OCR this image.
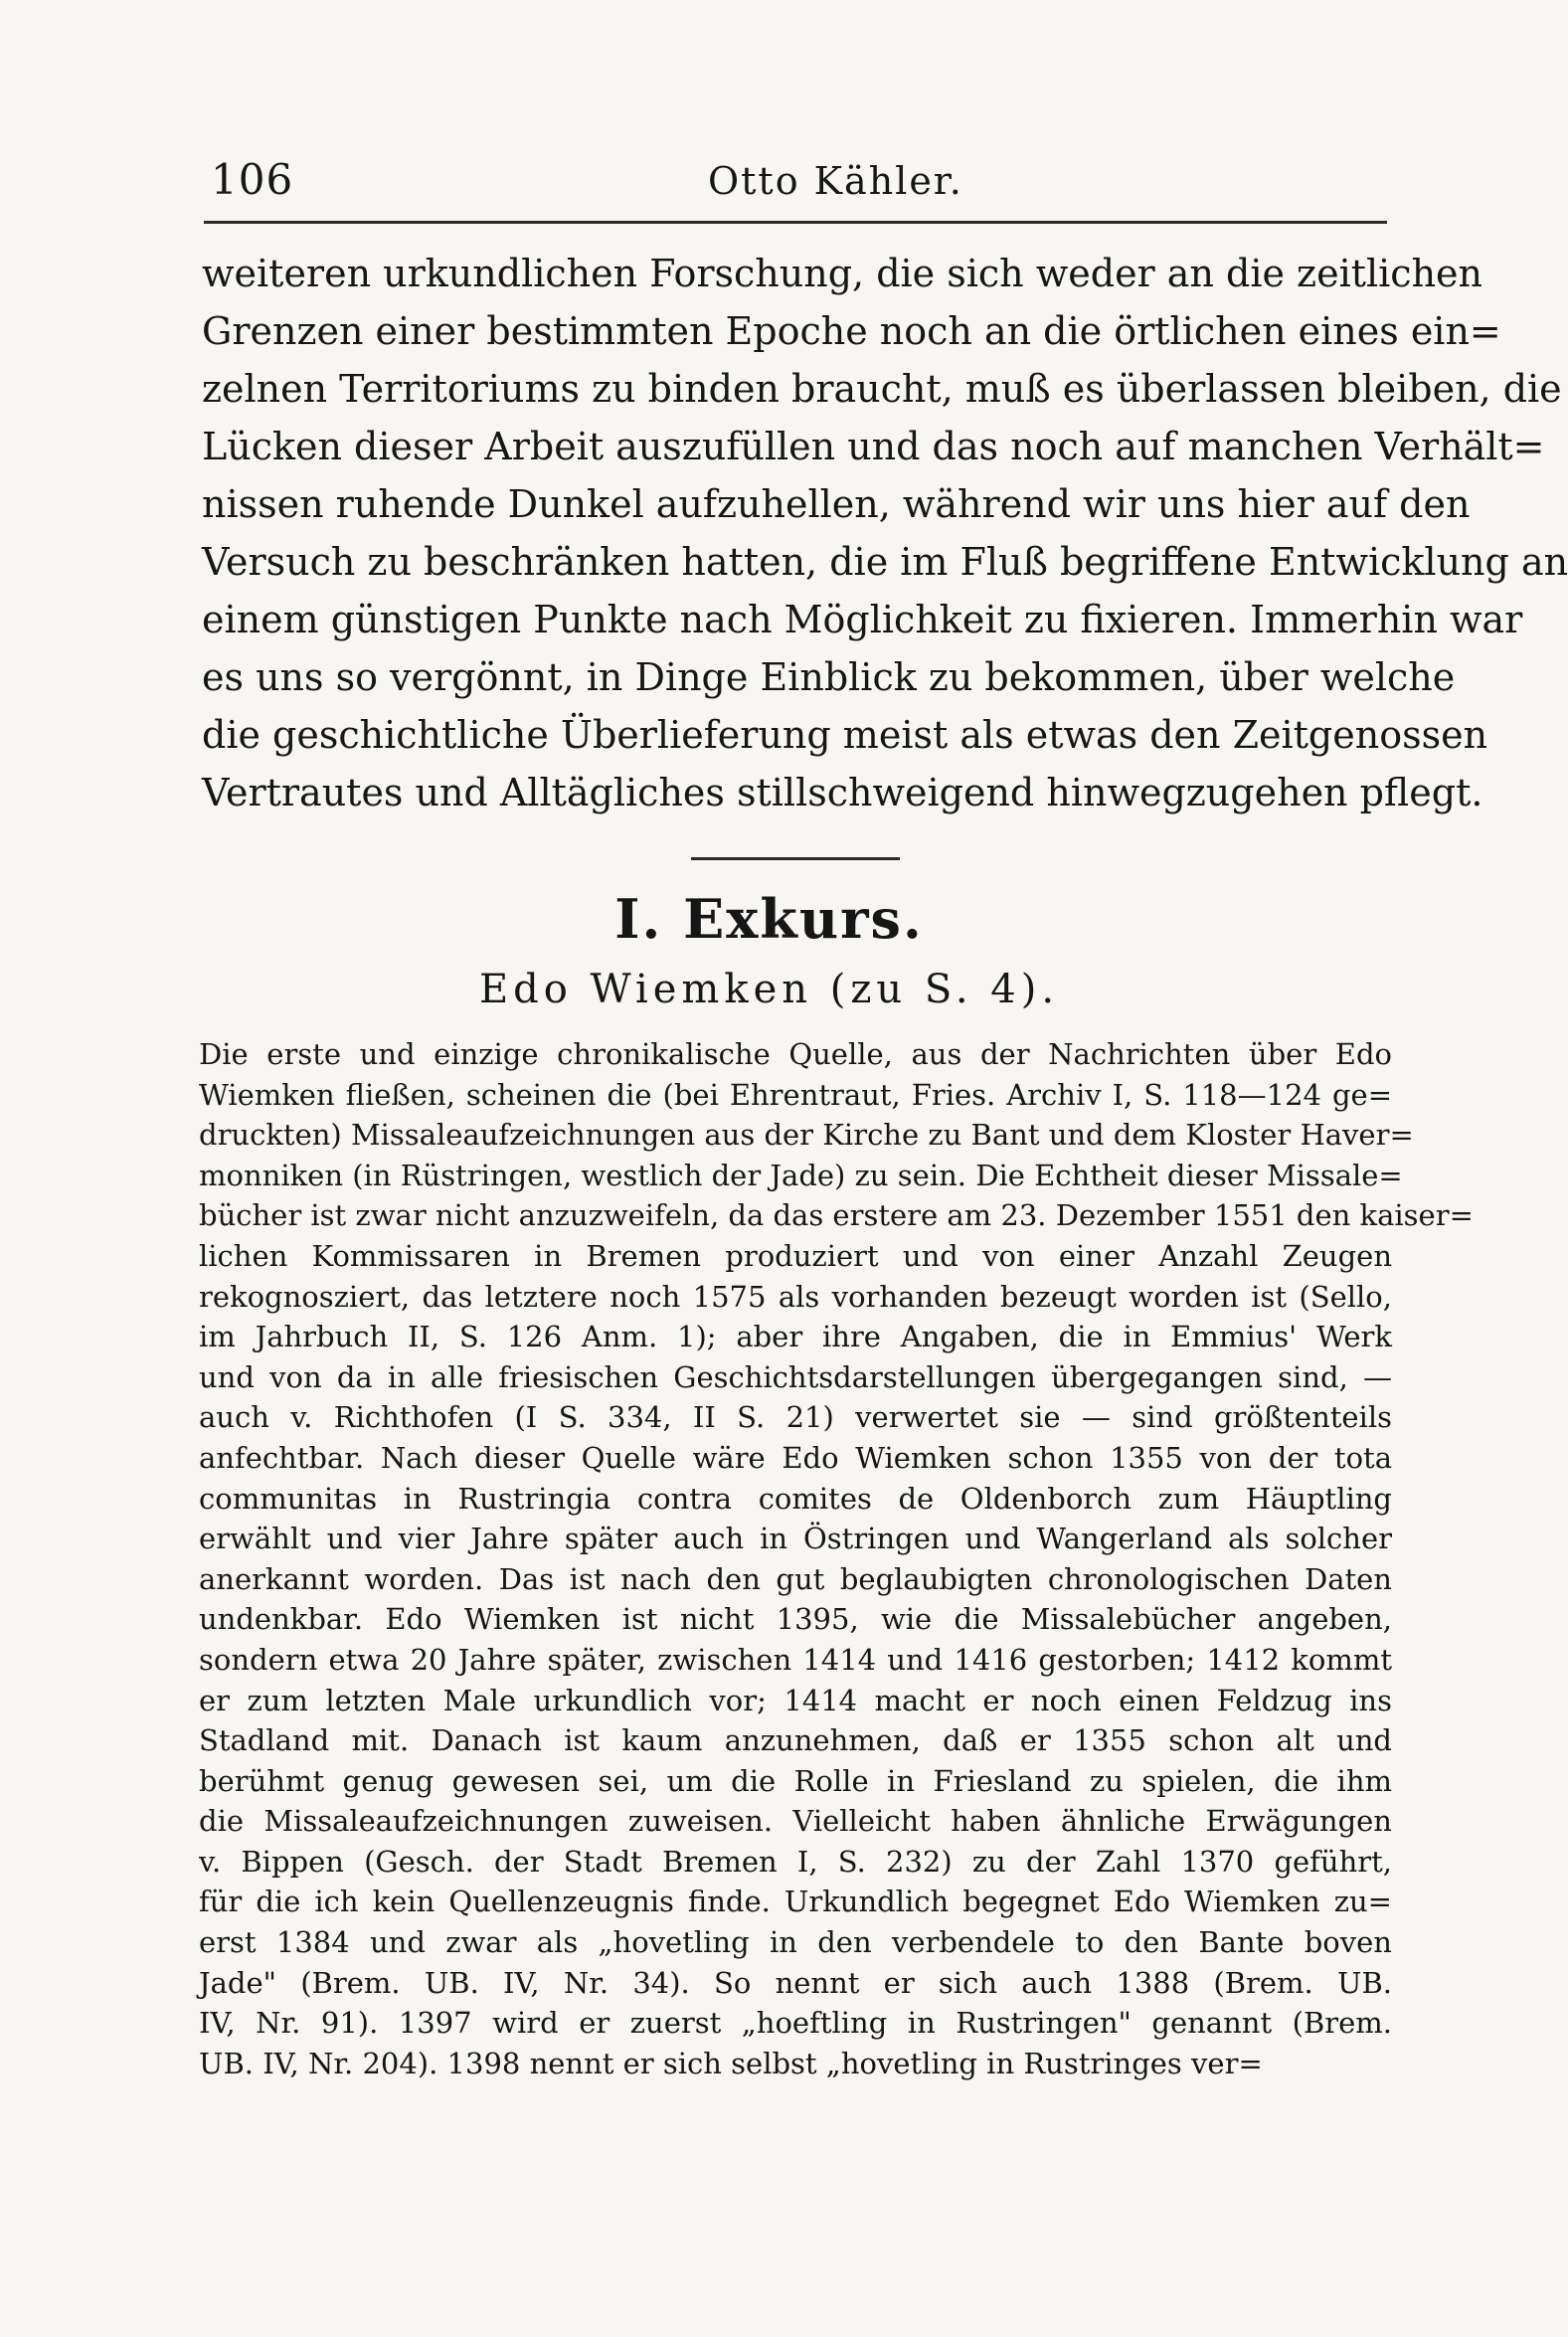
106	Otto Kähler.
weiteren urkundlichen Forschung, die sich weder an die zeitlichen
Grenzen einer bestimmten Epoche noch an die örtlichen eines ein=
zelnen Territoriums zu binden braucht, muß es überlassen bleiben, die
Lücken dieser Arbeit auszufüllen und das noch auf manchen Verhält=
nissen ruhende Dunkel aufzuhellen, während wir uns hier auf den
Versuch zu beschränken hatten, die im Fluß begriffene Entwicklung an
einem günstigen Punkte nach Möglichkeit zu fixieren. Immerhin war
es uns so vergönnt, in Dinge Einblick zu bekommen, über welche
die geschichtliche Überlieferung meist als etwas den Zeitgenossen
Vertrautes und Alltägliches stillschweigend hinwegzugehen pflegt.
I. Exkurs.
Edo Wiemken (zu S. 4).
Die erste und einzige chronikalische Quelle, aus der Nachrichten über Edo
Wiemken fließen, scheinen die (bei Ehrentraut, Fries. Archiv I, S. 118—124 ge=
druckten) Missaleaufzeichnungen aus der Kirche zu Bant und dem Kloster Haver=
monniken (in Rüstringen, westlich der Jade) zu sein. Die Echtheit dieser Missale=
bücher ist zwar nicht anzuzweifeln, da das erstere am 23. Dezember 1551 den kaiser=
lichen Kommissaren in Bremen produziert und von einer Anzahl Zeugen
rekognosziert, das letztere noch 1575 als vorhanden bezeugt worden ist (Sello,
im Jahrbuch II, S. 126 Anm. 1); aber ihre Angaben, die in Emmius' Werk
und von da in alle friesischen Geschichtsdarstellungen übergegangen sind, —
auch v. Richthofen (I S. 334, II S. 21) verwertet sie — sind größtenteils
anfechtbar. Nach dieser Quelle wäre Edo Wiemken schon 1355 von der tota
communitas in Rustringia contra comites de Oldenborch zum Häuptling
erwählt und vier Jahre später auch in Östringen und Wangerland als solcher
anerkannt worden. Das ist nach den gut beglaubigten chronologischen Daten
undenkbar. Edo Wiemken ist nicht 1395, wie die Missalebücher angeben,
sondern etwa 20 Jahre später, zwischen 1414 und 1416 gestorben; 1412 kommt
er zum letzten Male urkundlich vor; 1414 macht er noch einen Feldzug ins
Stadland mit. Danach ist kaum anzunehmen, daß er 1355 schon alt und
berühmt genug gewesen sei, um die Rolle in Friesland zu spielen, die ihm
die Missaleaufzeichnungen zuweisen. Vielleicht haben ähnliche Erwägungen
v. Bippen (Gesch. der Stadt Bremen I, S. 232) zu der Zahl 1370 geführt,
für die ich kein Quellenzeugnis finde. Urkundlich begegnet Edo Wiemken zu=
erst 1384 und zwar als „hovetling in den verbendele to den Bante boven
Jade" (Brem. UB. IV, Nr. 34). So nennt er sich auch 1388 (Brem. UB.
IV, Nr. 91). 1397 wird er zuerst „hoeftling in Rustringen" genannt (Brem.
UB. IV, Nr. 204). 1398 nennt er sich selbst „hovetling in Rustringes ver=
